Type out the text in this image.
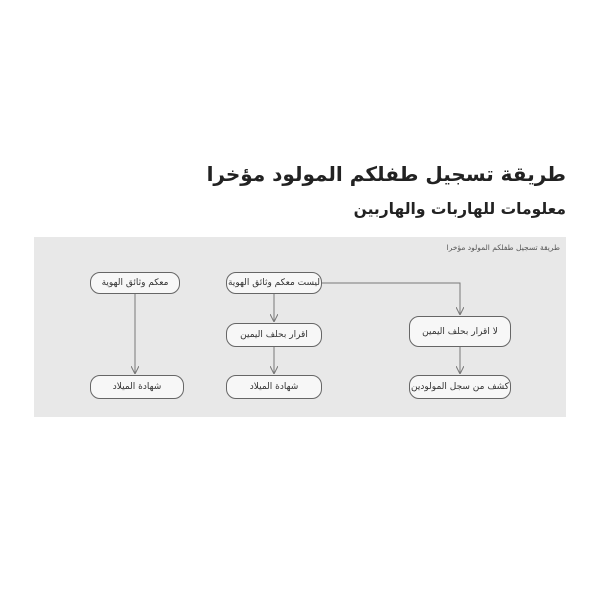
طريقة تسجيل طفلكم المولود مؤخرا
معلومات للهاربات والهاربين
طريقة تسجيل طفلكم المولود مؤخرا
ليست معكم وثائق الهوية
معكم وثائق الهوية
لا اقرار بحلف اليمين
اقرار بحلف اليمين
كشف من سجل المولودين
شهادة الميلاد
شهادة الميلاد
